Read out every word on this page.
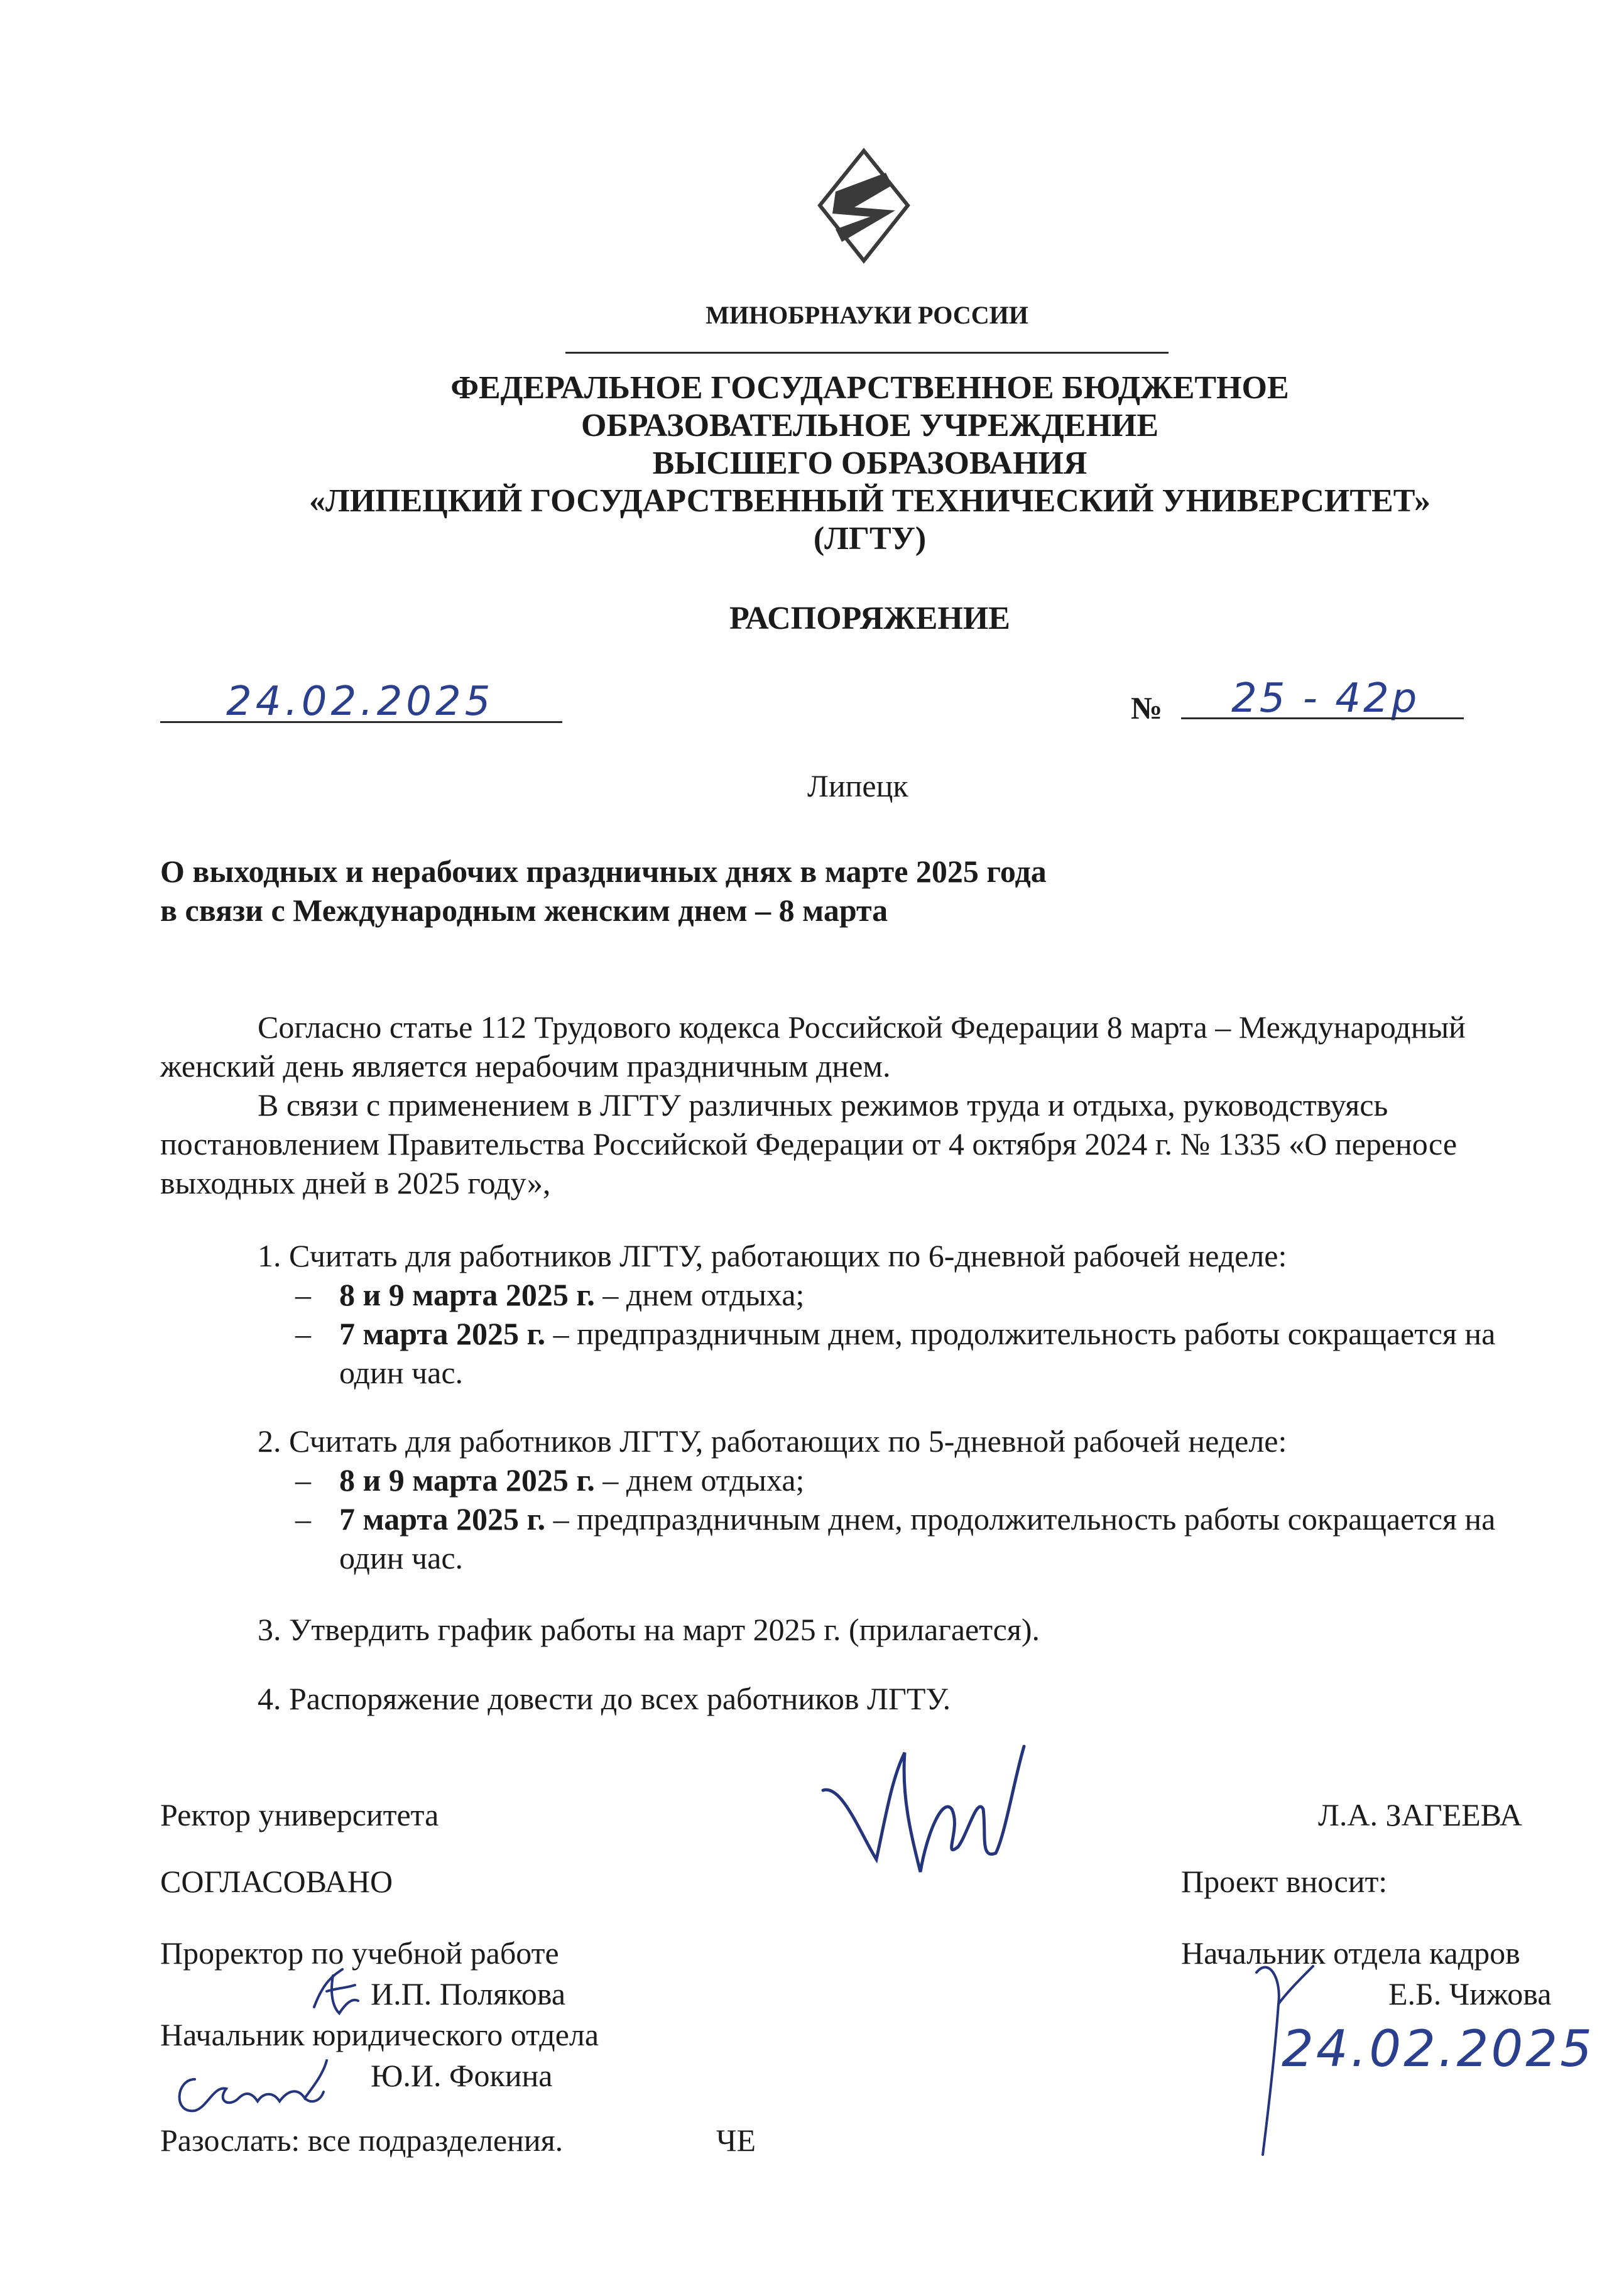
МИНОБРНАУКИ РОССИИ
ФЕДЕРАЛЬНОЕ ГОСУДАРСТВЕННОЕ БЮДЖЕТНОЕ
ОБРАЗОВАТЕЛЬНОЕ УЧРЕЖДЕНИЕ
ВЫСШЕГО ОБРАЗОВАНИЯ
«ЛИПЕЦКИЙ ГОСУДАРСТВЕННЫЙ ТЕХНИЧЕСКИЙ УНИВЕРСИТЕТ»
(ЛГТУ)
РАСПОРЯЖЕНИЕ
24.02.2025	№ 25 - 42р
Липецк
О выходных и нерабочих праздничных днях в марте 2025 года
в связи с Международным женским днем – 8 марта
Согласно статье 112 Трудового кодекса Российской Федерации 8 марта – Международный
женский день является нерабочим праздничным днем.
В связи с применением в ЛГТУ различных режимов труда и отдыха, руководствуясь
постановлением Правительства Российской Федерации от 4 октября 2024 г. № 1335 «О переносе
выходных дней в 2025 году»,
1. Считать для работников ЛГТУ, работающих по 6-дневной рабочей неделе:
– 8 и 9 марта 2025 г. – днем отдыха;
– 7 марта 2025 г. – предпраздничным днем, продолжительность работы сокращается на
один час.
2. Считать для работников ЛГТУ, работающих по 5-дневной рабочей неделе:
– 8 и 9 марта 2025 г. – днем отдыха;
– 7 марта 2025 г. – предпраздничным днем, продолжительность работы сокращается на
один час.
3. Утвердить график работы на март 2025 г. (прилагается).
4. Распоряжение довести до всех работников ЛГТУ.
Ректор университета	Л.А. ЗАГЕЕВА
СОГЛАСОВАНО	Проект вносит:
Проректор по учебной работе	Начальник отдела кадров
И.П. Полякова	Е.Б. Чижова
Начальник юридического отдела
Ю.И. Фокина	24.02.2025
Разослать: все подразделения.	ЧЕ
